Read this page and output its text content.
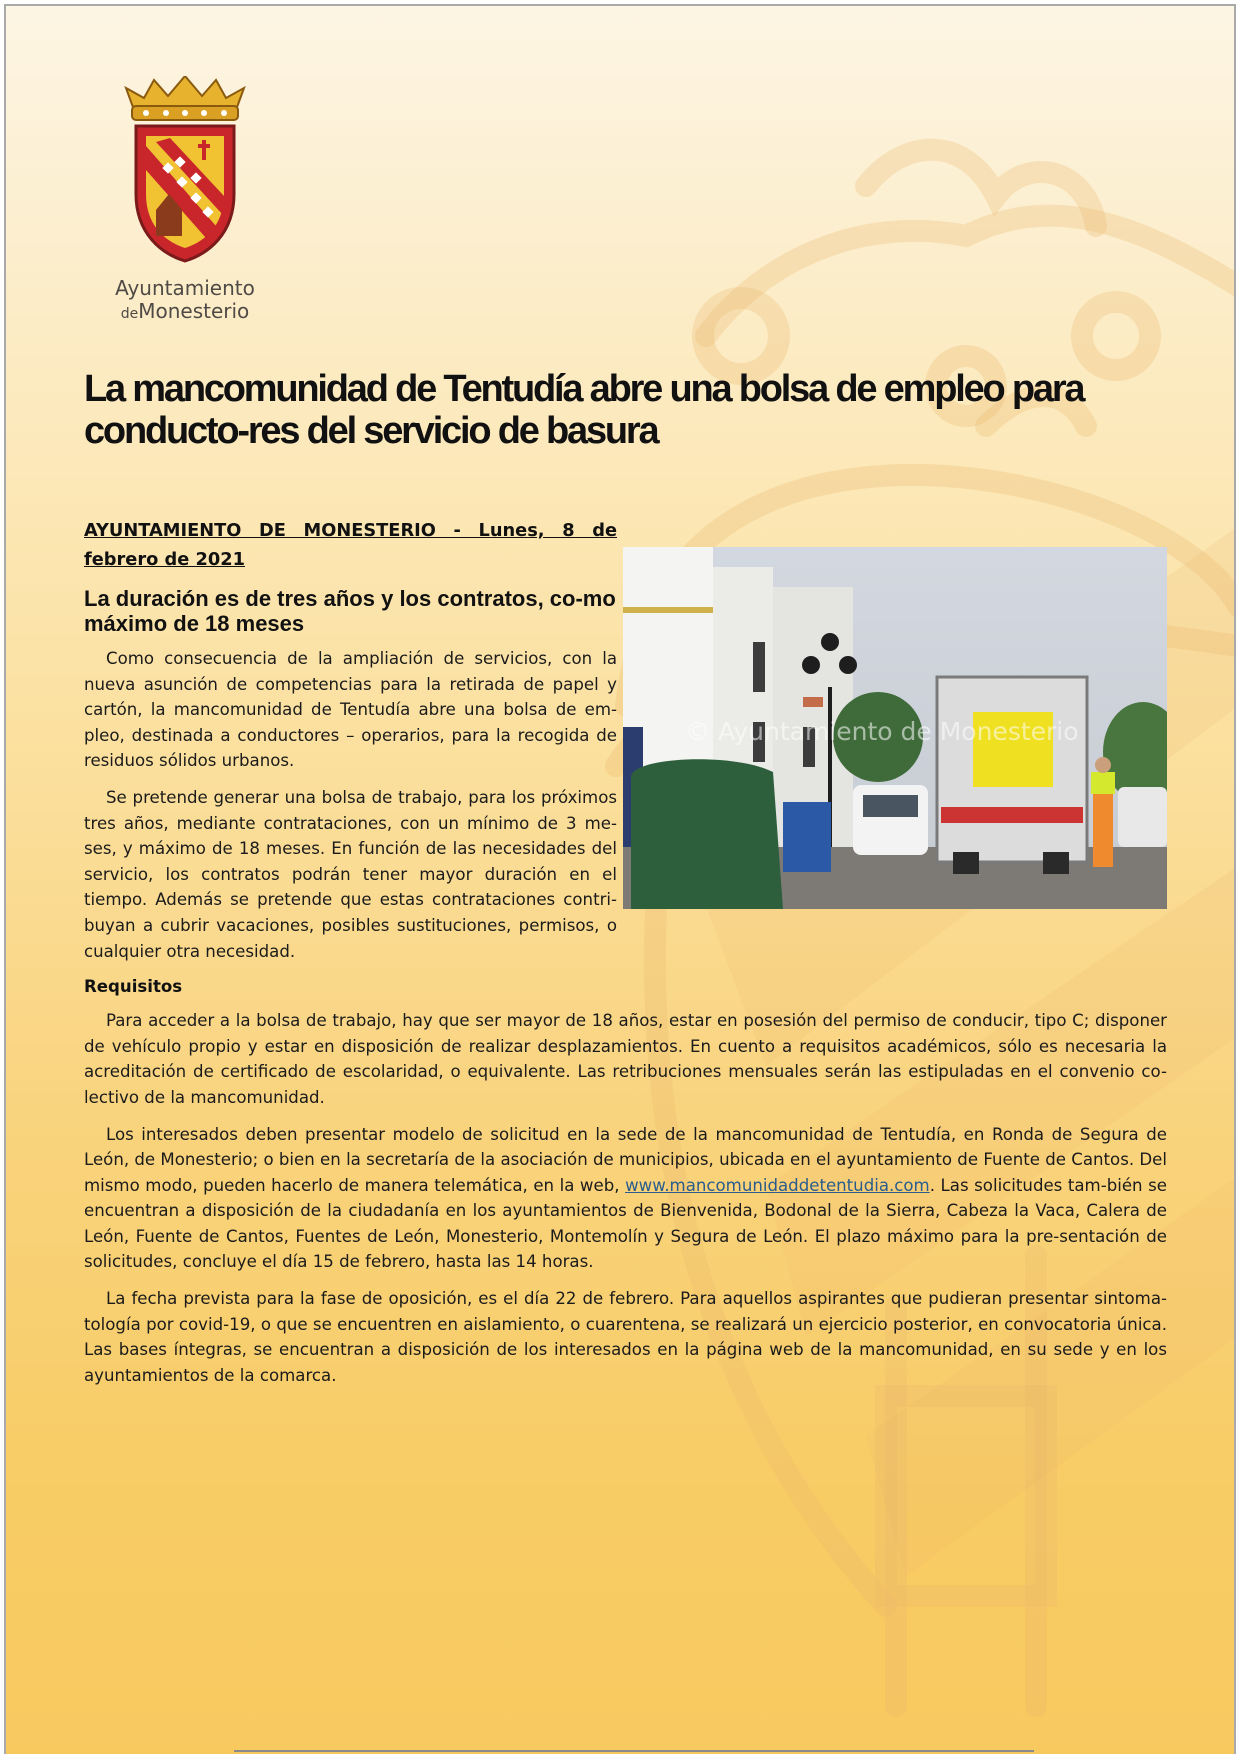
Ayuntamiento
deMonesterio
La mancomunidad de Tentudía abre una bolsa de empleo para conducto-res del servicio de basura
© Ayuntamiento de Monesterio
AYUNTAMIENTO DE MONESTERIO - Lunes, 8 de febrero de 2021
La duración es de tres años y los contratos, co-mo máximo de 18 meses

Como consecuencia de la ampliación de servicios, con la nueva asunción de competencias para la retirada de papel y cartón, la mancomunidad de Tentudía abre una bolsa de em-pleo, destinada a conductores – operarios, para la recogida de residuos sólidos urbanos.

Se pretende generar una bolsa de trabajo, para los próximos tres años, mediante contrataciones, con un mínimo de 3 me-ses, y máximo de 18 meses. En función de las necesidades del servicio, los contratos podrán tener mayor duración en el tiempo. Además se pretende que estas contrataciones contri-buyan a cubrir vacaciones, posibles sustituciones, permisos, o cualquier otra necesidad.

Requisitos

Para acceder a la bolsa de trabajo, hay que ser mayor de 18 años, estar en posesión del permiso de conducir, tipo C; disponer de vehículo propio y estar en disposición de realizar desplazamientos. En cuento a requisitos académicos, sólo es necesaria la acreditación de certificado de escolaridad, o equivalente. Las retribuciones mensuales serán las estipuladas en el convenio co-lectivo de la mancomunidad.

Los interesados deben presentar modelo de solicitud en la sede de la mancomunidad de Tentudía, en Ronda de Segura de León, de Monesterio; o bien en la secretaría de la asociación de municipios, ubicada en el ayuntamiento de Fuente de Cantos. Del mismo modo, pueden hacerlo de manera telemática, en la web, www.mancomunidaddetentudia.com. Las solicitudes tam-bién se encuentran a disposición de la ciudadanía en los ayuntamientos de Bienvenida, Bodonal de la Sierra, Cabeza la Vaca, Calera de León, Fuente de Cantos, Fuentes de León, Monesterio, Montemolín y Segura de León. El plazo máximo para la pre-sentación de solicitudes, concluye el día 15 de febrero, hasta las 14 horas.

La fecha prevista para la fase de oposición, es el día 22 de febrero. Para aquellos aspirantes que pudieran presentar sintoma-tología por covid-19, o que se encuentren en aislamiento, o cuarentena, se realizará un ejercicio posterior, en convocatoria única. Las bases íntegras, se encuentran a disposición de los interesados en la página web de la mancomunidad, en su sede y en los ayuntamientos de la comarca.
